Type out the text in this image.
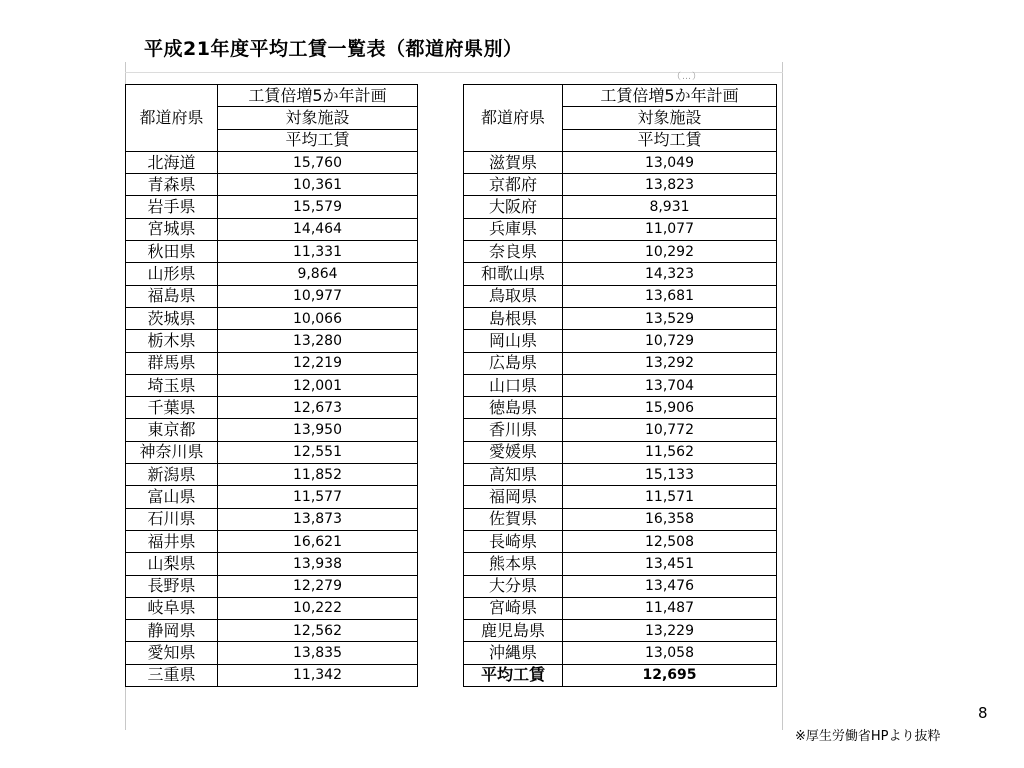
平成21年度平均工賃一覧表（都道府県別）
（…）
都道府県	工賃倍増5か年計画
	対象施設
	平均工賃
北海道	15,760
青森県	10,361
岩手県	15,579
宮城県	14,464
秋田県	11,331
山形県	9,864
福島県	10,977
茨城県	10,066
栃木県	13,280
群馬県	12,219
埼玉県	12,001
千葉県	12,673
東京都	13,950
神奈川県	12,551
新潟県	11,852
富山県	11,577
石川県	13,873
福井県	16,621
山梨県	13,938
長野県	12,279
岐阜県	10,222
静岡県	12,562
愛知県	13,835
三重県	11,342
都道府県	工賃倍増5か年計画
	対象施設
	平均工賃
滋賀県	13,049
京都府	13,823
大阪府	8,931
兵庫県	11,077
奈良県	10,292
和歌山県	14,323
鳥取県	13,681
島根県	13,529
岡山県	10,729
広島県	13,292
山口県	13,704
徳島県	15,906
香川県	10,772
愛媛県	11,562
高知県	15,133
福岡県	11,571
佐賀県	16,358
長崎県	12,508
熊本県	13,451
大分県	13,476
宮崎県	11,487
鹿児島県	13,229
沖縄県	13,058
平均工賃	12,695
8
※厚生労働省HPより抜粋
